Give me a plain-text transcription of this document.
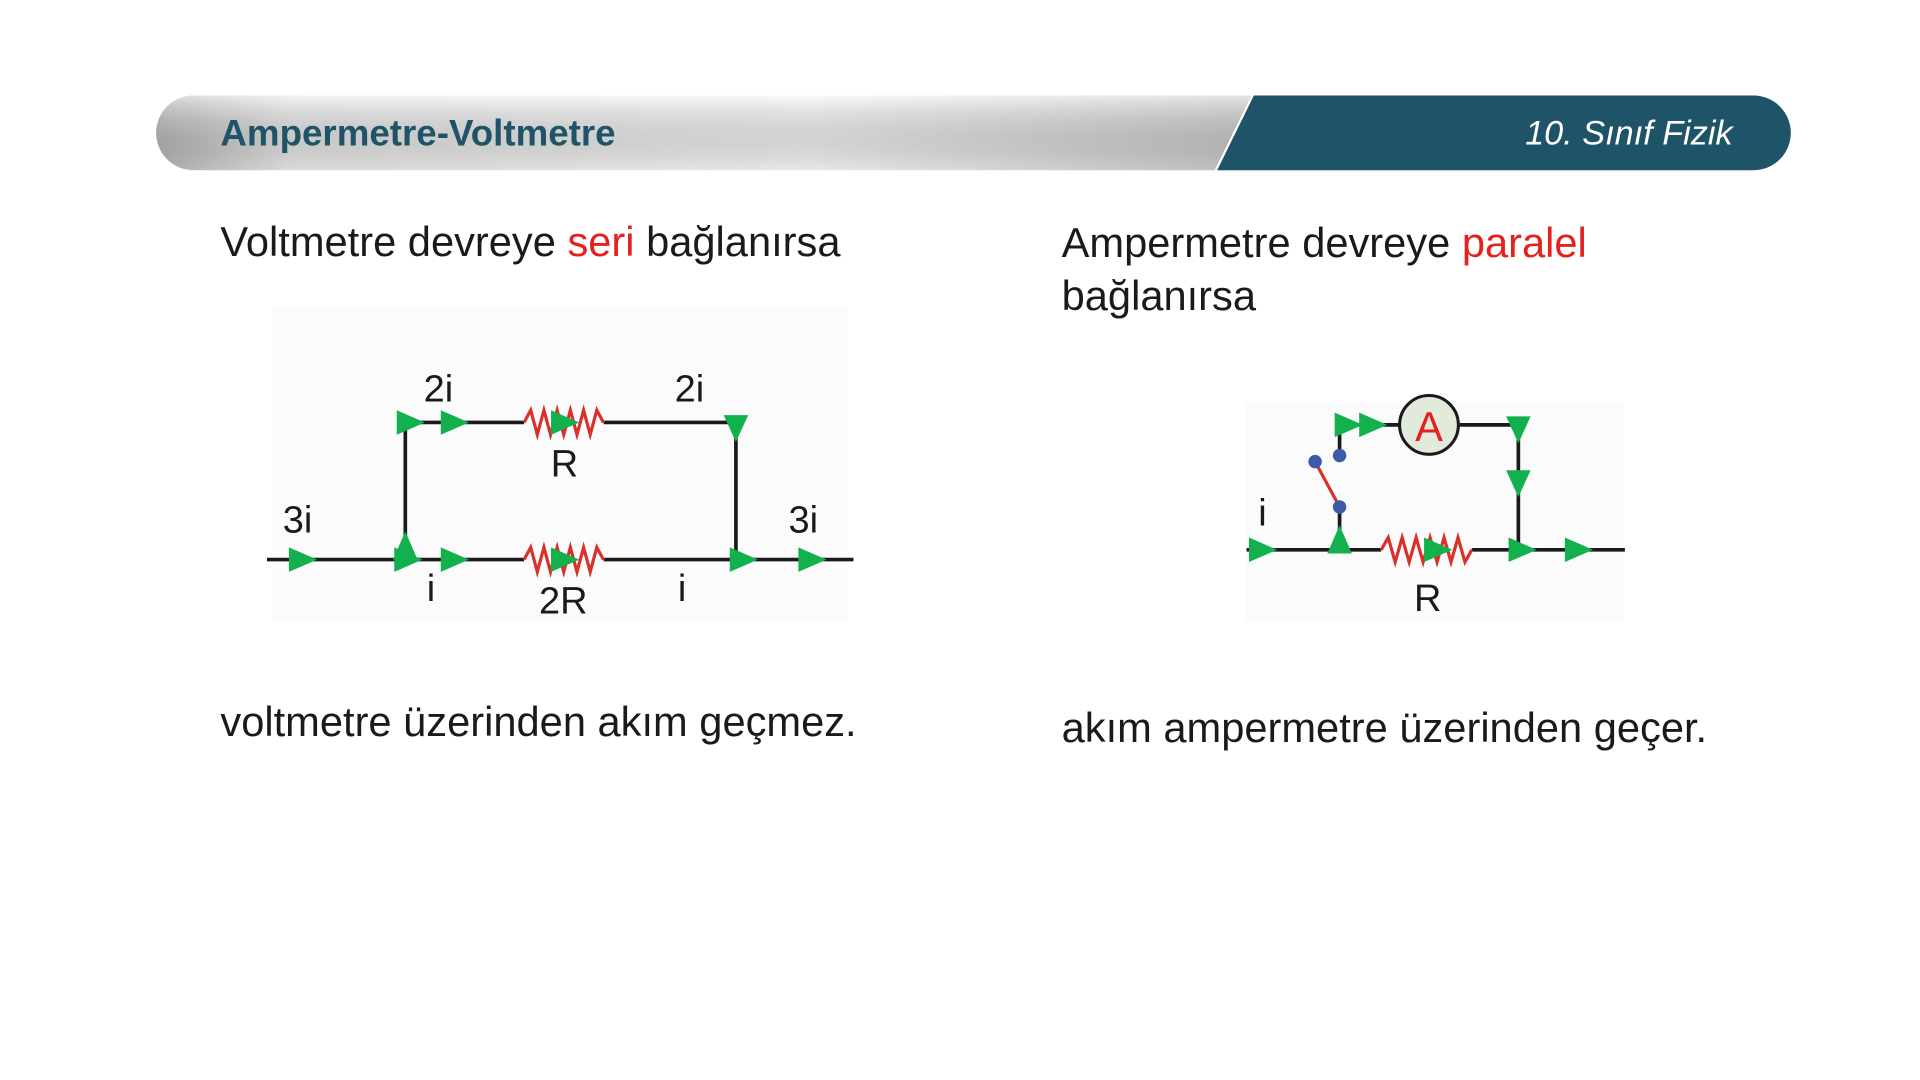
Ampermetre-Voltmetre	10. Sınıf Fizik
Voltmetre devreye seri bağlanırsa
voltmetre üzerinden akım geçmez.
Ampermetre devreye paralel
bağlanırsa
akım ampermetre üzerinden geçer.
2i	2i
R
3i	3i
i	i
2R
A
i
R
